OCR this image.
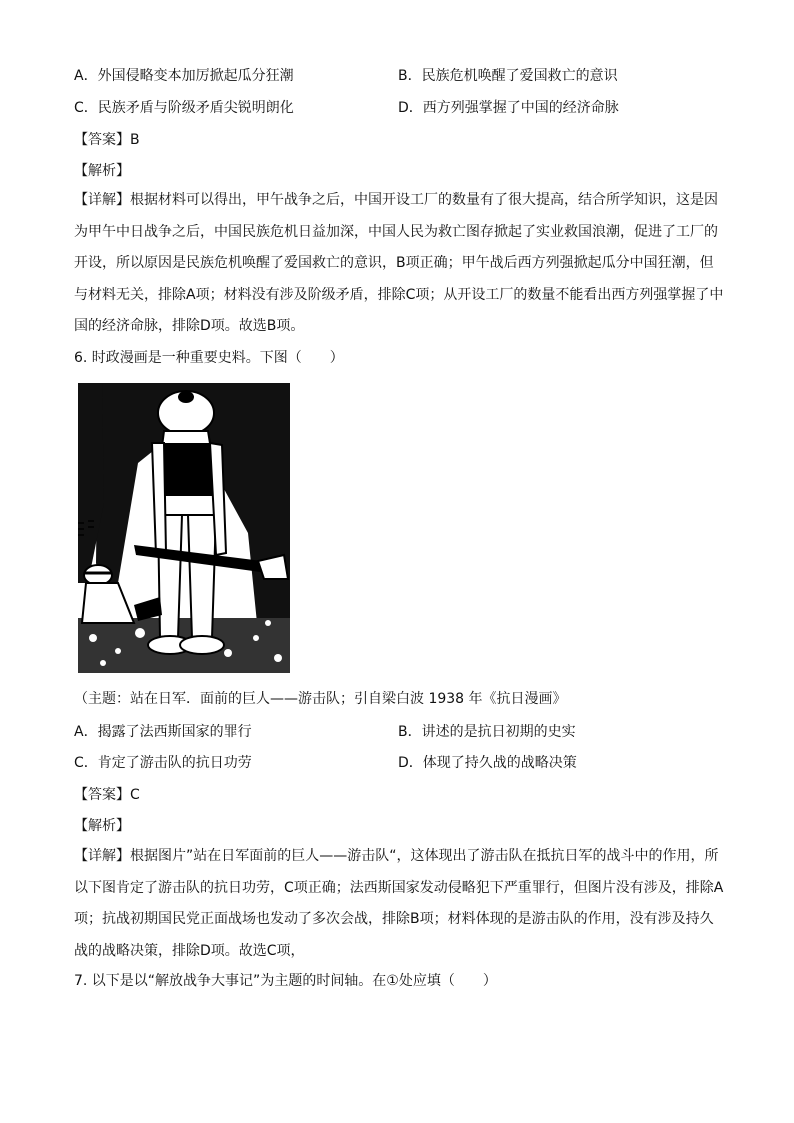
A．外国侵略变本加厉掀起瓜分狂潮	B．民族危机唤醒了爱国救亡的意识
C．民族矛盾与阶级矛盾尖锐明朗化	D．西方列强掌握了中国的经济命脉
【答案】B
【解析】
【详解】根据材料可以得出，甲午战争之后，中国开设工厂的数量有了很大提高，结合所学知识，这是因为甲午中日战争之后，中国民族危机日益加深，中国人民为救亡图存掀起了实业救国浪潮，促进了工厂的开设，所以原因是民族危机唤醒了爱国救亡的意识，B项正确；甲午战后西方列强掀起瓜分中国狂潮，但与材料无关，排除A项；材料没有涉及阶级矛盾，排除C项；从开设工厂的数量不能看出西方列强掌握了中国的经济命脉，排除D项。故选B项。
6. 时政漫画是一种重要史料。下图（　　）
（主题：站在日军．面前的巨人——游击队；引自梁白波 1938 年《抗日漫画》
A．揭露了法西斯国家的罪行	B．讲述的是抗日初期的史实
C．肯定了游击队的抗日功劳	D．体现了持久战的战略决策
【答案】C
【解析】
【详解】根据图片”站在日军面前的巨人——游击队“，这体现出了游击队在抵抗日军的战斗中的作用，所以下图肯定了游击队的抗日功劳，C项正确；法西斯国家发动侵略犯下严重罪行，但图片没有涉及，排除A项；抗战初期国民党正面战场也发动了多次会战，排除B项；材料体现的是游击队的作用，没有涉及持久战的战略决策，排除D项。故选C项，
7. 以下是以“解放战争大事记”为主题的时间轴。在①处应填（　　）
